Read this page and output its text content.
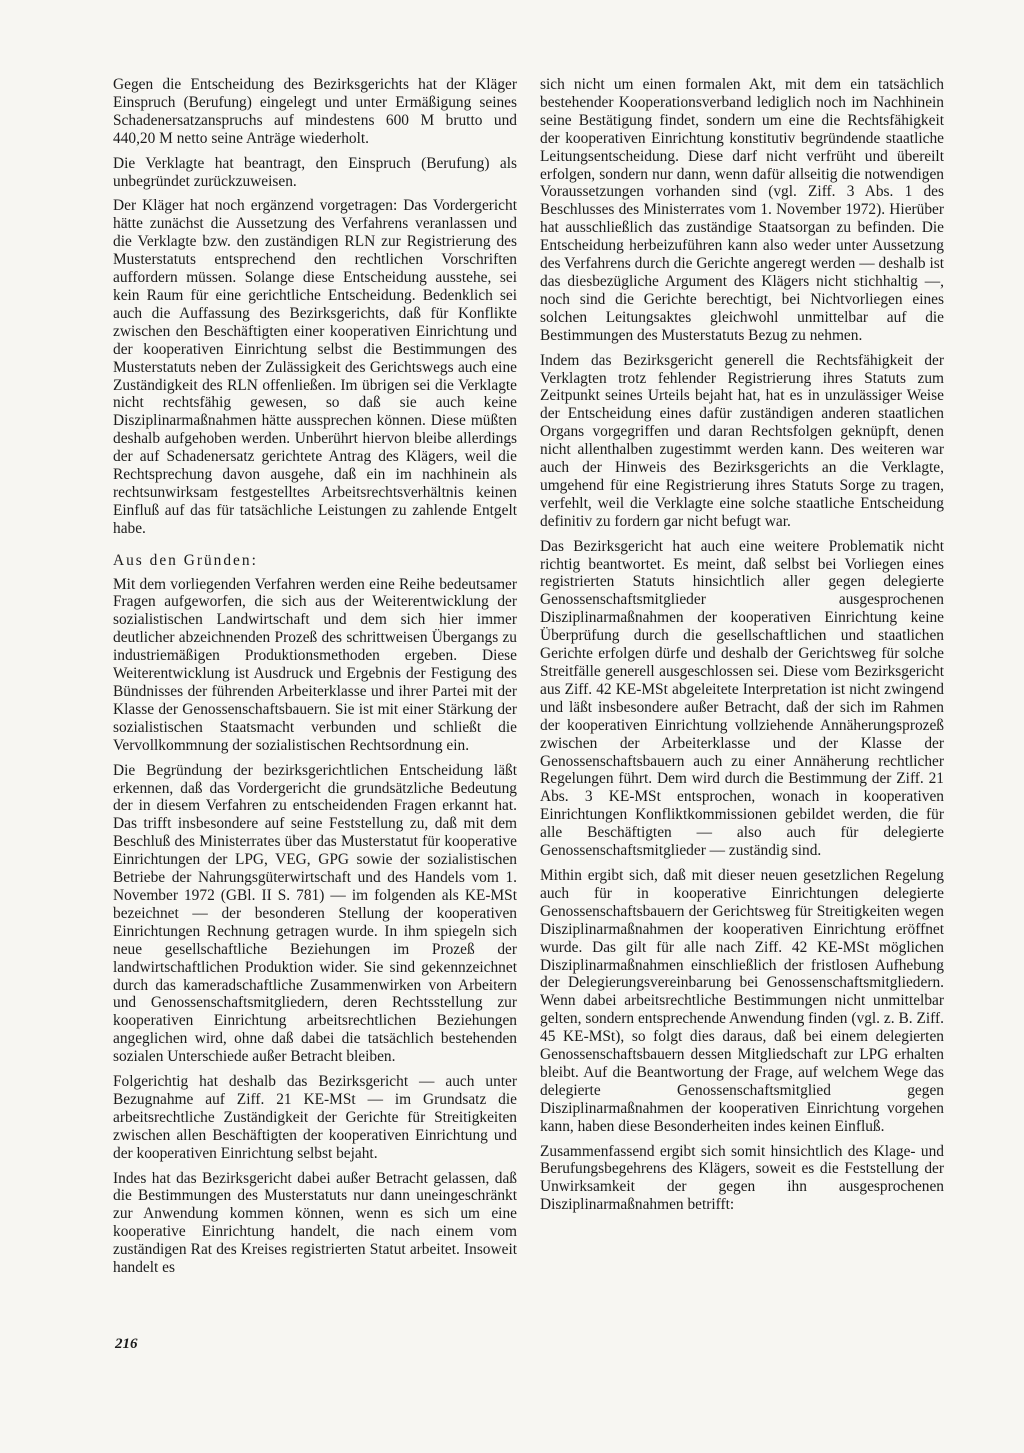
Gegen die Entscheidung des Bezirksgerichts hat der Kläger Einspruch (Berufung) eingelegt und unter Ermäßigung seines Schadenersatzanspruchs auf mindestens 600 M brutto und 440,20 M netto seine Anträge wiederholt.

Die Verklagte hat beantragt, den Einspruch (Berufung) als unbegründet zurückzuweisen.

Der Kläger hat noch ergänzend vorgetragen: Das Vordergericht hätte zunächst die Aussetzung des Verfahrens veranlassen und die Verklagte bzw. den zuständigen RLN zur Registrierung des Musterstatuts entsprechend den rechtlichen Vorschriften auffordern müssen. Solange diese Entscheidung ausstehe, sei kein Raum für eine gerichtliche Entscheidung. Bedenklich sei auch die Auffassung des Bezirksgerichts, daß für Konflikte zwischen den Beschäftigten einer kooperativen Einrichtung und der kooperativen Einrichtung selbst die Bestimmungen des Musterstatuts neben der Zulässigkeit des Gerichtswegs auch eine Zuständigkeit des RLN offenließen. Im übrigen sei die Verklagte nicht rechtsfähig gewesen, so daß sie auch keine Disziplinarmaßnahmen hätte aussprechen können. Diese müßten deshalb aufgehoben werden. Unberührt hiervon bleibe allerdings der auf Schadenersatz gerichtete Antrag des Klägers, weil die Rechtsprechung davon ausgehe, daß ein im nachhinein als rechtsunwirksam festgestelltes Arbeitsrechtsverhältnis keinen Einfluß auf das für tatsächliche Leistungen zu zahlende Entgelt habe.

Aus den Gründen:

Mit dem vorliegenden Verfahren werden eine Reihe bedeutsamer Fragen aufgeworfen, die sich aus der Weiterentwicklung der sozialistischen Landwirtschaft und dem sich hier immer deutlicher abzeichnenden Prozeß des schrittweisen Übergangs zu industriemäßigen Produktionsmethoden ergeben. Diese Weiterentwicklung ist Ausdruck und Ergebnis der Festigung des Bündnisses der führenden Arbeiterklasse und ihrer Partei mit der Klasse der Genossenschaftsbauern. Sie ist mit einer Stärkung der sozialistischen Staatsmacht verbunden und schließt die Vervollkommnung der sozialistischen Rechtsordnung ein.

Die Begründung der bezirksgerichtlichen Entscheidung läßt erkennen, daß das Vordergericht die grundsätzliche Bedeutung der in diesem Verfahren zu entscheidenden Fragen erkannt hat. Das trifft insbesondere auf seine Feststellung zu, daß mit dem Beschluß des Ministerrates über das Musterstatut für kooperative Einrichtungen der LPG, VEG, GPG sowie der sozialistischen Betriebe der Nahrungsgüterwirtschaft und des Handels vom 1. November 1972 (GBl. II S. 781) — im folgenden als KE-MSt bezeichnet — der besonderen Stellung der kooperativen Einrichtungen Rechnung getragen wurde. In ihm spiegeln sich neue gesellschaftliche Beziehungen im Prozeß der landwirtschaftlichen Produktion wider. Sie sind gekennzeichnet durch das kameradschaftliche Zusammenwirken von Arbeitern und Genossenschaftsmitgliedern, deren Rechtsstellung zur kooperativen Einrichtung arbeitsrechtlichen Beziehungen angeglichen wird, ohne daß dabei die tatsächlich bestehenden sozialen Unterschiede außer Betracht bleiben.

Folgerichtig hat deshalb das Bezirksgericht — auch unter Bezugnahme auf Ziff. 21 KE-MSt — im Grundsatz die arbeitsrechtliche Zuständigkeit der Gerichte für Streitigkeiten zwischen allen Beschäftigten der kooperativen Einrichtung und der kooperativen Einrichtung selbst bejaht.

Indes hat das Bezirksgericht dabei außer Betracht gelassen, daß die Bestimmungen des Musterstatuts nur dann uneingeschränkt zur Anwendung kommen können, wenn es sich um eine kooperative Einrichtung handelt, die nach einem vom zuständigen Rat des Kreises registrierten Statut arbeitet. Insoweit handelt es

sich nicht um einen formalen Akt, mit dem ein tatsächlich bestehender Kooperationsverband lediglich noch im Nachhinein seine Bestätigung findet, sondern um eine die Rechtsfähigkeit der kooperativen Einrichtung konstitutiv begründende staatliche Leitungsentscheidung. Diese darf nicht verfrüht und übereilt erfolgen, sondern nur dann, wenn dafür allseitig die notwendigen Voraussetzungen vorhanden sind (vgl. Ziff. 3 Abs. 1 des Beschlusses des Ministerrates vom 1. November 1972). Hierüber hat ausschließlich das zuständige Staatsorgan zu befinden. Die Entscheidung herbeizuführen kann also weder unter Aussetzung des Verfahrens durch die Gerichte angeregt werden — deshalb ist das diesbezügliche Argument des Klägers nicht stichhaltig —, noch sind die Gerichte berechtigt, bei Nichtvorliegen eines solchen Leitungsaktes gleichwohl unmittelbar auf die Bestimmungen des Musterstatuts Bezug zu nehmen.

Indem das Bezirksgericht generell die Rechtsfähigkeit der Verklagten trotz fehlender Registrierung ihres Statuts zum Zeitpunkt seines Urteils bejaht hat, hat es in unzulässiger Weise der Entscheidung eines dafür zuständigen anderen staatlichen Organs vorgegriffen und daran Rechtsfolgen geknüpft, denen nicht allenthalben zugestimmt werden kann. Des weiteren war auch der Hinweis des Bezirksgerichts an die Verklagte, umgehend für eine Registrierung ihres Statuts Sorge zu tragen, verfehlt, weil die Verklagte eine solche staatliche Entscheidung definitiv zu fordern gar nicht befugt war.

Das Bezirksgericht hat auch eine weitere Problematik nicht richtig beantwortet. Es meint, daß selbst bei Vorliegen eines registrierten Statuts hinsichtlich aller gegen delegierte Genossenschaftsmitglieder ausgesprochenen Disziplinarmaßnahmen der kooperativen Einrichtung keine Überprüfung durch die gesellschaftlichen und staatlichen Gerichte erfolgen dürfe und deshalb der Gerichtsweg für solche Streitfälle generell ausgeschlossen sei. Diese vom Bezirksgericht aus Ziff. 42 KE-MSt abgeleitete Interpretation ist nicht zwingend und läßt insbesondere außer Betracht, daß der sich im Rahmen der kooperativen Einrichtung vollziehende Annäherungsprozeß zwischen der Arbeiterklasse und der Klasse der Genossenschaftsbauern auch zu einer Annäherung rechtlicher Regelungen führt. Dem wird durch die Bestimmung der Ziff. 21 Abs. 3 KE-MSt entsprochen, wonach in kooperativen Einrichtungen Konfliktkommissionen gebildet werden, die für alle Beschäftigten — also auch für delegierte Genossenschaftsmitglieder — zuständig sind.

Mithin ergibt sich, daß mit dieser neuen gesetzlichen Regelung auch für in kooperative Einrichtungen delegierte Genossenschaftsbauern der Gerichtsweg für Streitigkeiten wegen Disziplinarmaßnahmen der kooperativen Einrichtung eröffnet wurde. Das gilt für alle nach Ziff. 42 KE-MSt möglichen Disziplinarmaßnahmen einschließlich der fristlosen Aufhebung der Delegierungsvereinbarung bei Genossenschaftsmitgliedern. Wenn dabei arbeitsrechtliche Bestimmungen nicht unmittelbar gelten, sondern entsprechende Anwendung finden (vgl. z. B. Ziff. 45 KE-MSt), so folgt dies daraus, daß bei einem delegierten Genossenschaftsbauern dessen Mitgliedschaft zur LPG erhalten bleibt. Auf die Beantwortung der Frage, auf welchem Wege das delegierte Genossenschaftsmitglied gegen Disziplinarmaßnahmen der kooperativen Einrichtung vorgehen kann, haben diese Besonderheiten indes keinen Einfluß.

Zusammenfassend ergibt sich somit hinsichtlich des Klage- und Berufungsbegehrens des Klägers, soweit es die Feststellung der Unwirksamkeit der gegen ihn ausgesprochenen Disziplinarmaßnahmen betrifft:

216
